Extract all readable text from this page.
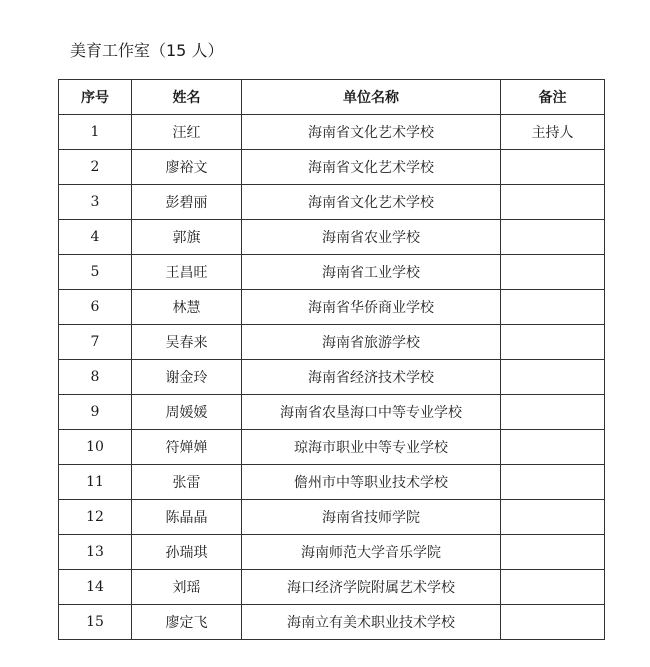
美育工作室（15 人）
序号	姓名	单位名称	备注
1	汪红	海南省文化艺术学校	主持人
2	廖裕文	海南省文化艺术学校	
3	彭碧丽	海南省文化艺术学校	
4	郭旗	海南省农业学校	
5	王昌旺	海南省工业学校	
6	林慧	海南省华侨商业学校	
7	吴春来	海南省旅游学校	
8	谢金玲	海南省经济技术学校	
9	周媛媛	海南省农垦海口中等专业学校	
10	符婵婵	琼海市职业中等专业学校	
11	张雷	儋州市中等职业技术学校	
12	陈晶晶	海南省技师学院	
13	孙瑞琪	海南师范大学音乐学院	
14	刘瑶	海口经济学院附属艺术学校	
15	廖定飞	海南立有美术职业技术学校	
